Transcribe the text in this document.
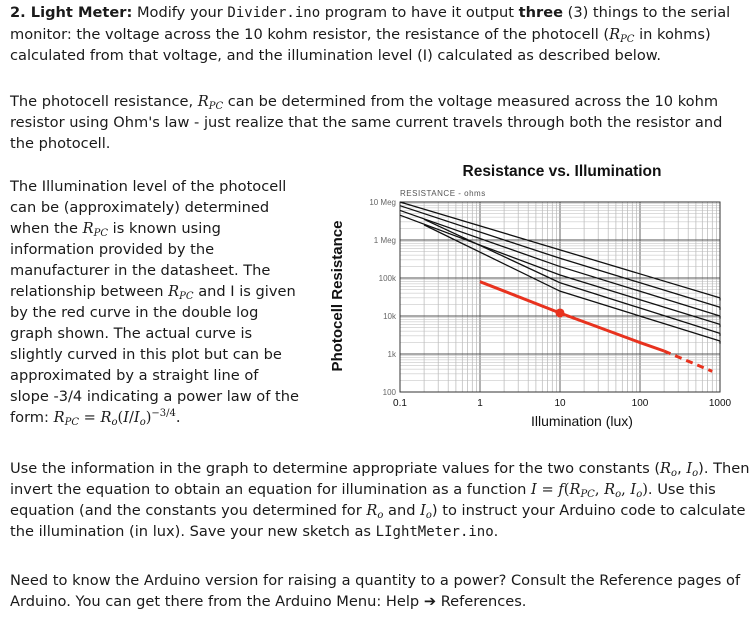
2. Light Meter: Modify your Divider.ino program to have it output three (3) things to the serial monitor: the voltage across the 10 kohm resistor, the resistance of the photocell ($R_{PC}$ in kohms) calculated from that voltage, and the illumination level (I) calculated as described below.

The photocell resistance, $R_{PC}$ can be determined from the voltage measured across the 10 kohm resistor using Ohm's law - just realize that the same current travels through both the resistor and the photocell.

The Illumination level of the photocell can be (approximately) determined when the $R_{PC}$ is known using information provided by the manufacturer in the datasheet. The relationship between $R_{PC}$ and I is given by the red curve in the double log graph shown. The actual curve is slightly curved in this plot but can be approximated by a straight line of slope -3/4 indicating a power law of the form: $R_{PC} = R_o(I/I_o)^{-3/4}$.

Resistance vs. Illumination
Photocell Resistance
Illumination (lux)
RESISTANCE - ohms
10 Meg
1 Meg
100k
10k
1k
100
0.1	1	10	100	1000

Use the information in the graph to determine appropriate values for the two constants ($R_o$, $I_o$). Then invert the equation to obtain an equation for illumination as a function $I = f(R_{PC}$, $R_o$, $I_o$). Use this equation (and the constants you determined for $R_o$ and $I_o$) to instruct your Arduino code to calculate the illumination (in lux). Save your new sketch as LIghtMeter.ino.

Need to know the Arduino version for raising a quantity to a power? Consult the Reference pages of Arduino. You can get there from the Arduino Menu: Help ➔ References.
